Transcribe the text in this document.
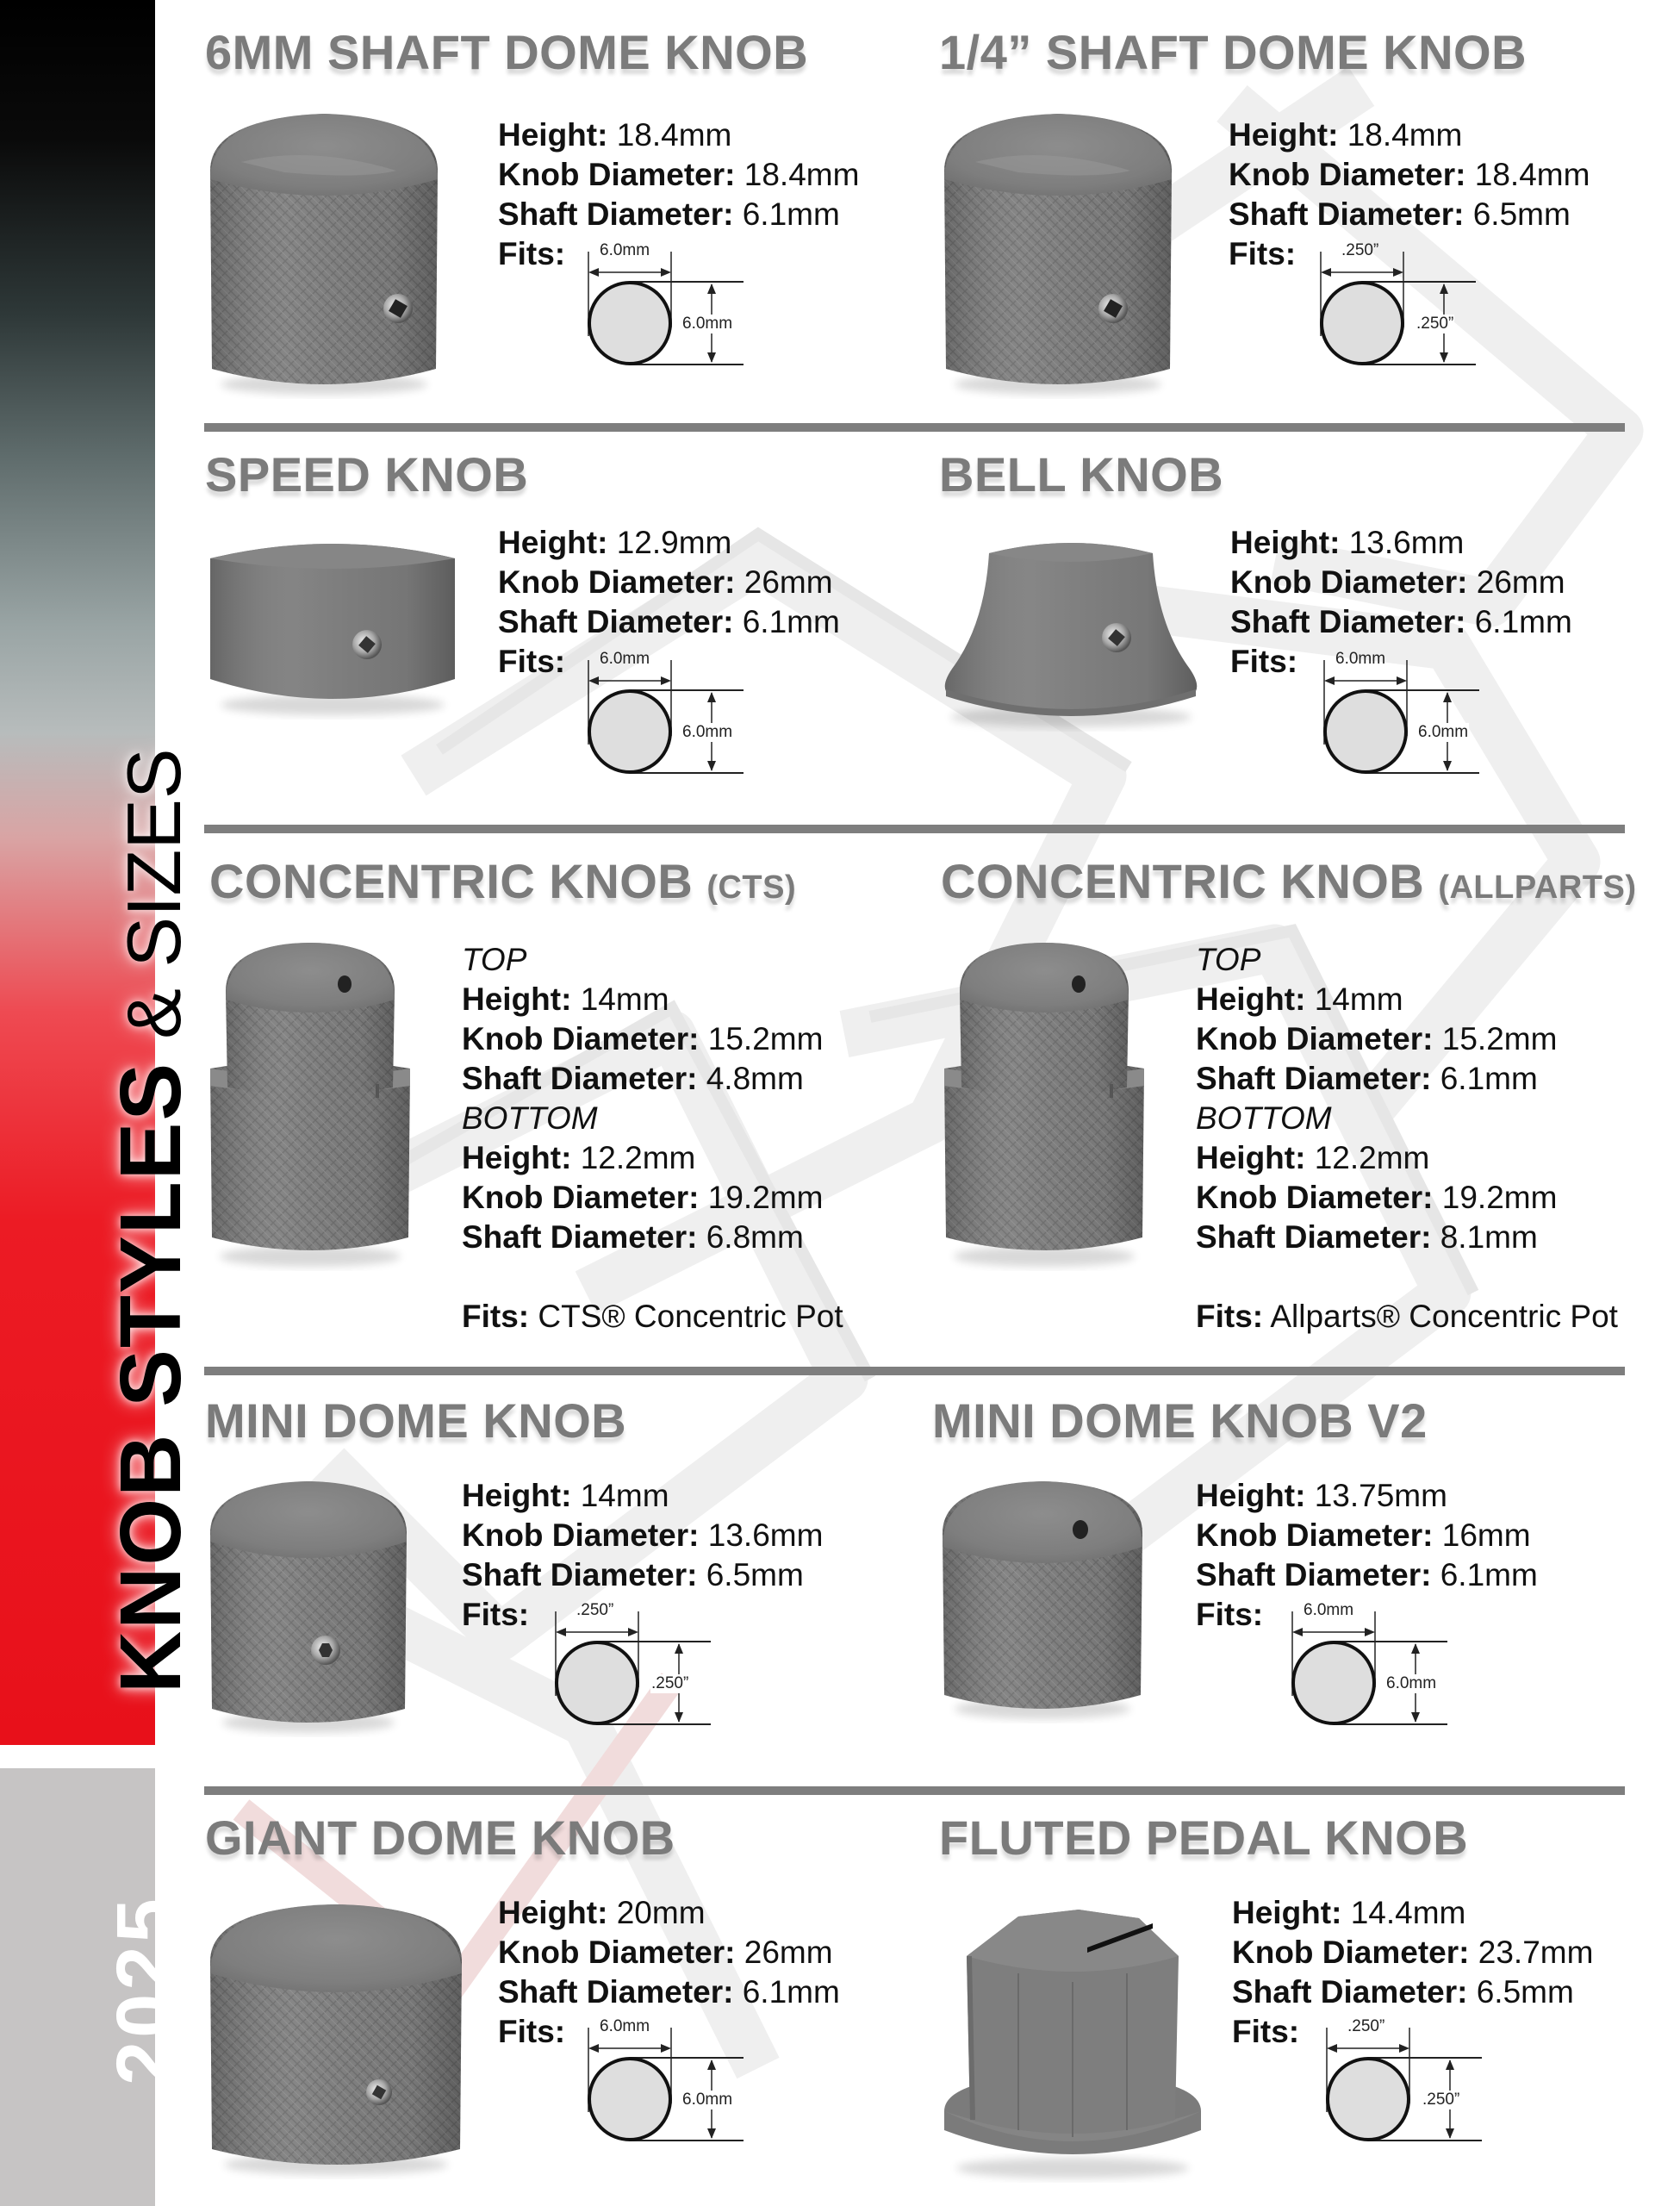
KNOB STYLES& SIZES
2025
6MM SHAFT DOME KNOB
Height: 18.4mm
Knob Diameter: 18.4mm
Shaft Diameter: 6.1mm
Fits:	6.0mm
6.0mm
1/4” SHAFT DOME KNOB
Height: 18.4mm
Knob Diameter: 18.4mm
Shaft Diameter: 6.5mm
Fits:	.250”
.250”
SPEED KNOB
Height: 12.9mm
Knob Diameter: 26mm
Shaft Diameter: 6.1mm
Fits:	6.0mm
6.0mm
BELL KNOB
Height: 13.6mm
Knob Diameter: 26mm
Shaft Diameter: 6.1mm
Fits:	6.0mm
6.0mm
CONCENTRIC KNOB (CTS)
TOP
Height: 14mm
Knob Diameter: 15.2mm
Shaft Diameter: 4.8mm
BOTTOM
Height: 12.2mm
Knob Diameter: 19.2mm
Shaft Diameter: 6.8mm
Fits: CTS® Concentric Pot
CONCENTRIC KNOB (ALLPARTS)
TOP
Height: 14mm
Knob Diameter: 15.2mm
Shaft Diameter: 6.1mm
BOTTOM
Height: 12.2mm
Knob Diameter: 19.2mm
Shaft Diameter: 8.1mm
Fits: Allparts® Concentric Pot
MINI DOME KNOB
Height: 14mm
Knob Diameter: 13.6mm
Shaft Diameter: 6.5mm
Fits:	.250”
.250”
MINI DOME KNOB V2
Height: 13.75mm
Knob Diameter: 16mm
Shaft Diameter: 6.1mm
Fits:	6.0mm
6.0mm
GIANT DOME KNOB
Height: 20mm
Knob Diameter: 26mm
Shaft Diameter: 6.1mm
Fits:	6.0mm
6.0mm
FLUTED PEDAL KNOB
Height: 14.4mm
Knob Diameter: 23.7mm
Shaft Diameter: 6.5mm
Fits:	.250”
.250”
